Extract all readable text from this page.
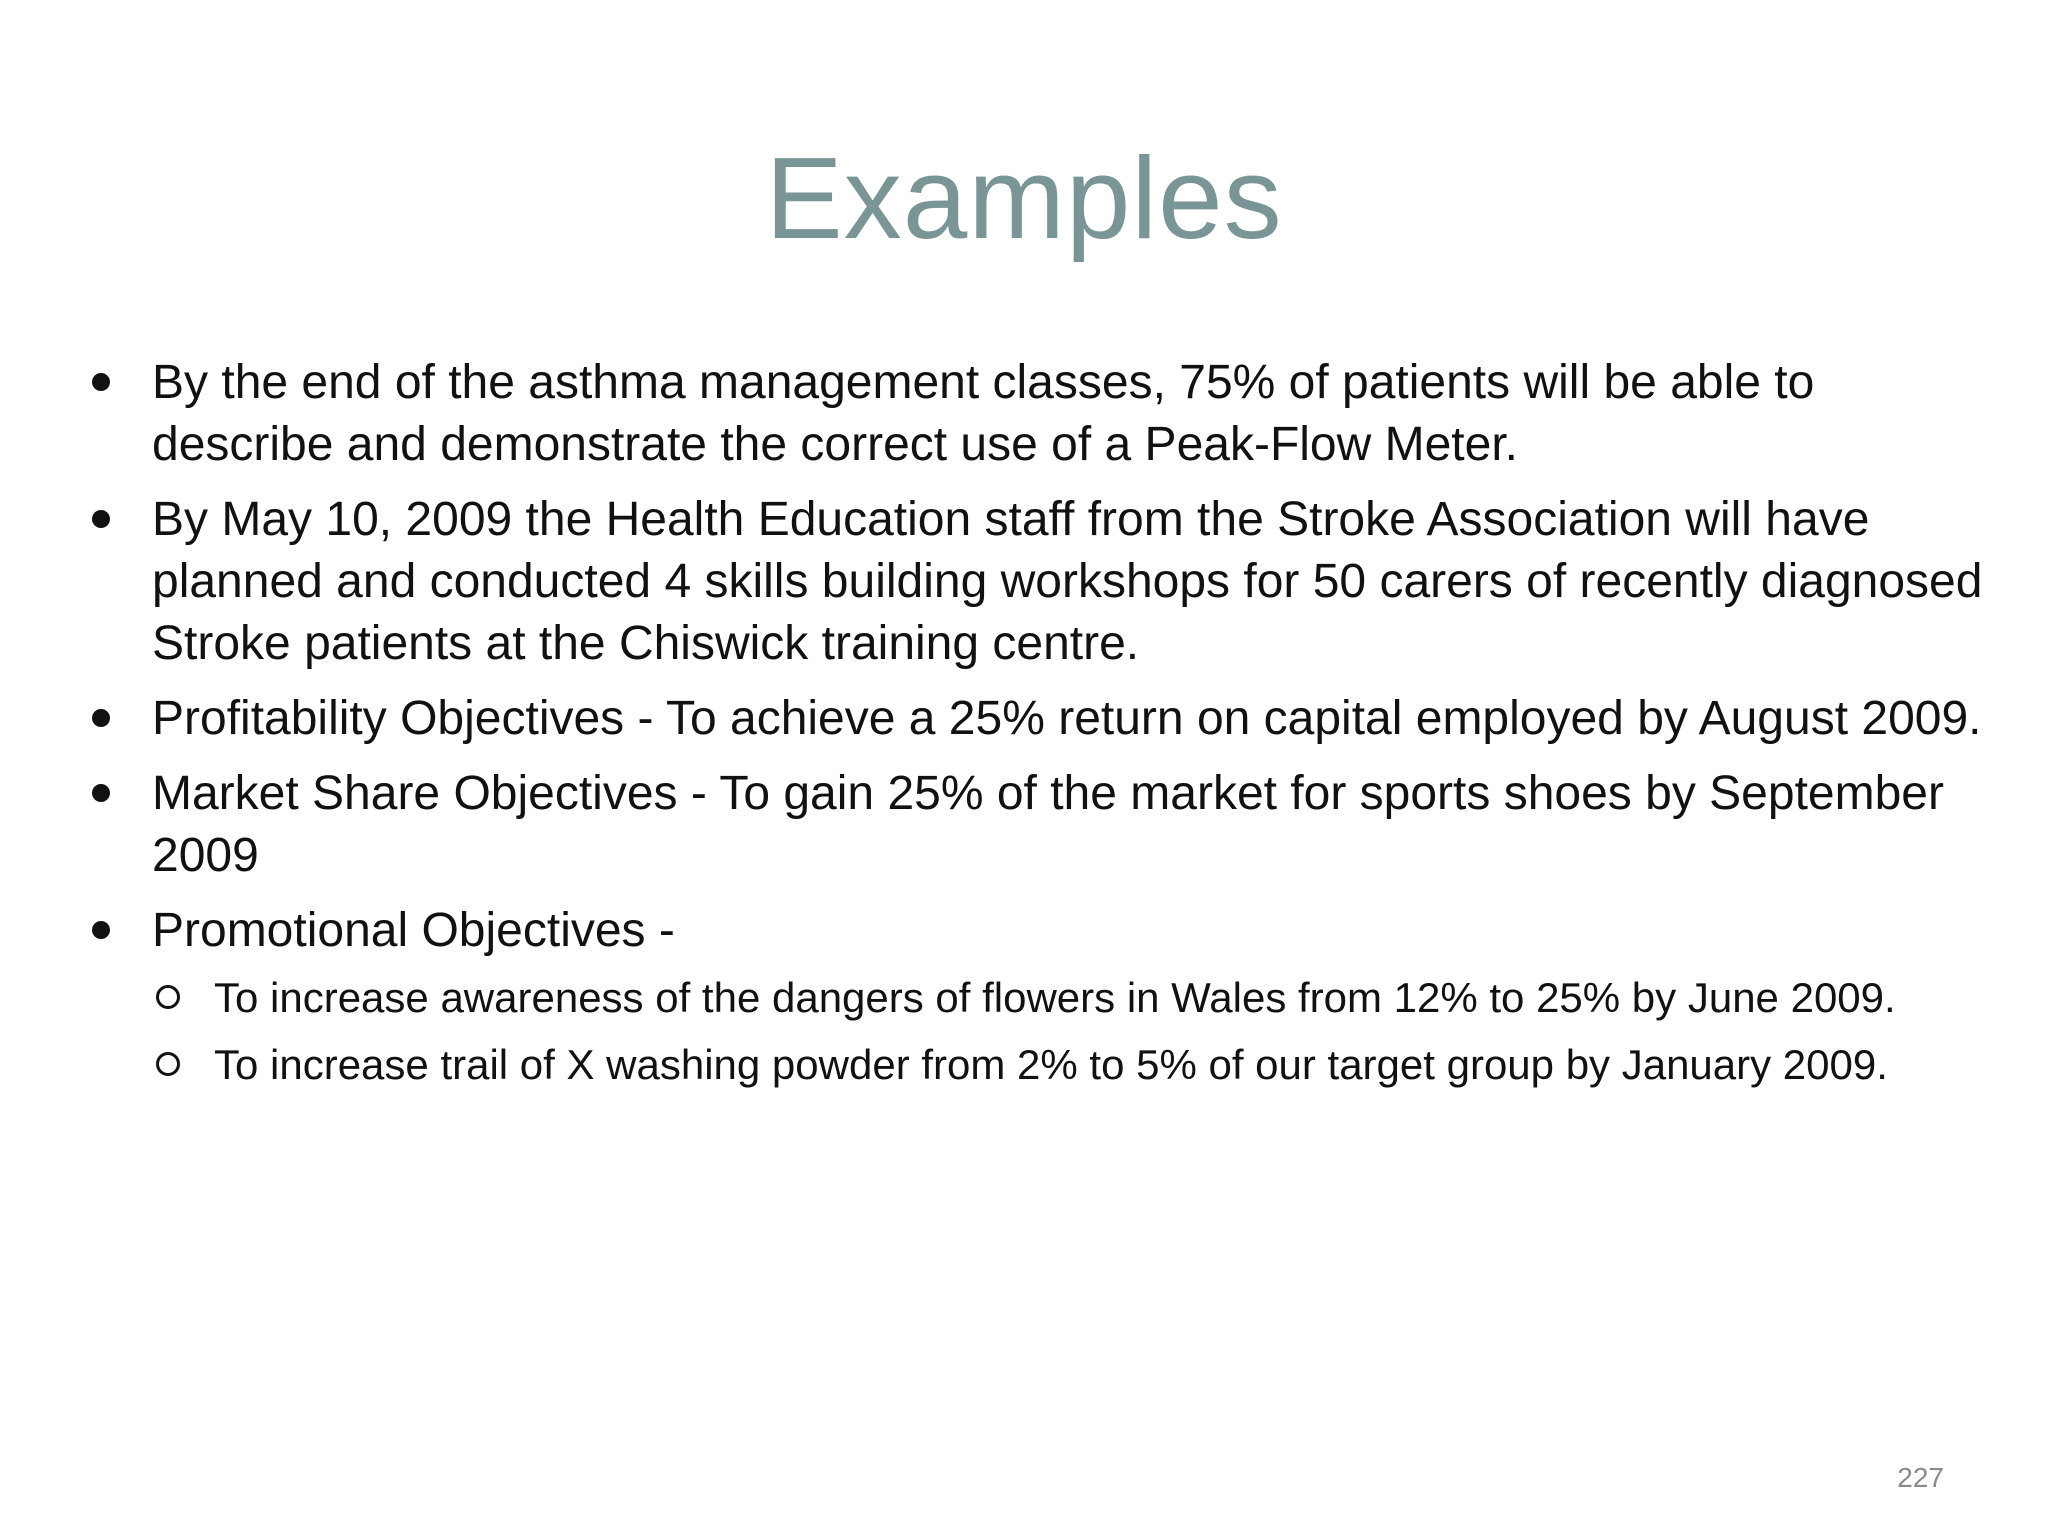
Examples
By the end of the asthma management classes, 75% of patients will be able to describe and demonstrate the correct use of a Peak-Flow Meter.
By May 10, 2009 the Health Education staff from the Stroke Association will have planned and conducted 4 skills building workshops for 50 carers of recently diagnosed Stroke patients at the Chiswick training centre.
Profitability Objectives - To achieve a 25% return on capital employed by August 2009.
Market Share Objectives - To gain 25% of the market for sports shoes by September 2009
Promotional Objectives -
To increase awareness of the dangers of flowers in Wales from 12% to 25% by June 2009.
To increase trail of X washing powder from 2% to 5% of our target group by January 2009.
227
